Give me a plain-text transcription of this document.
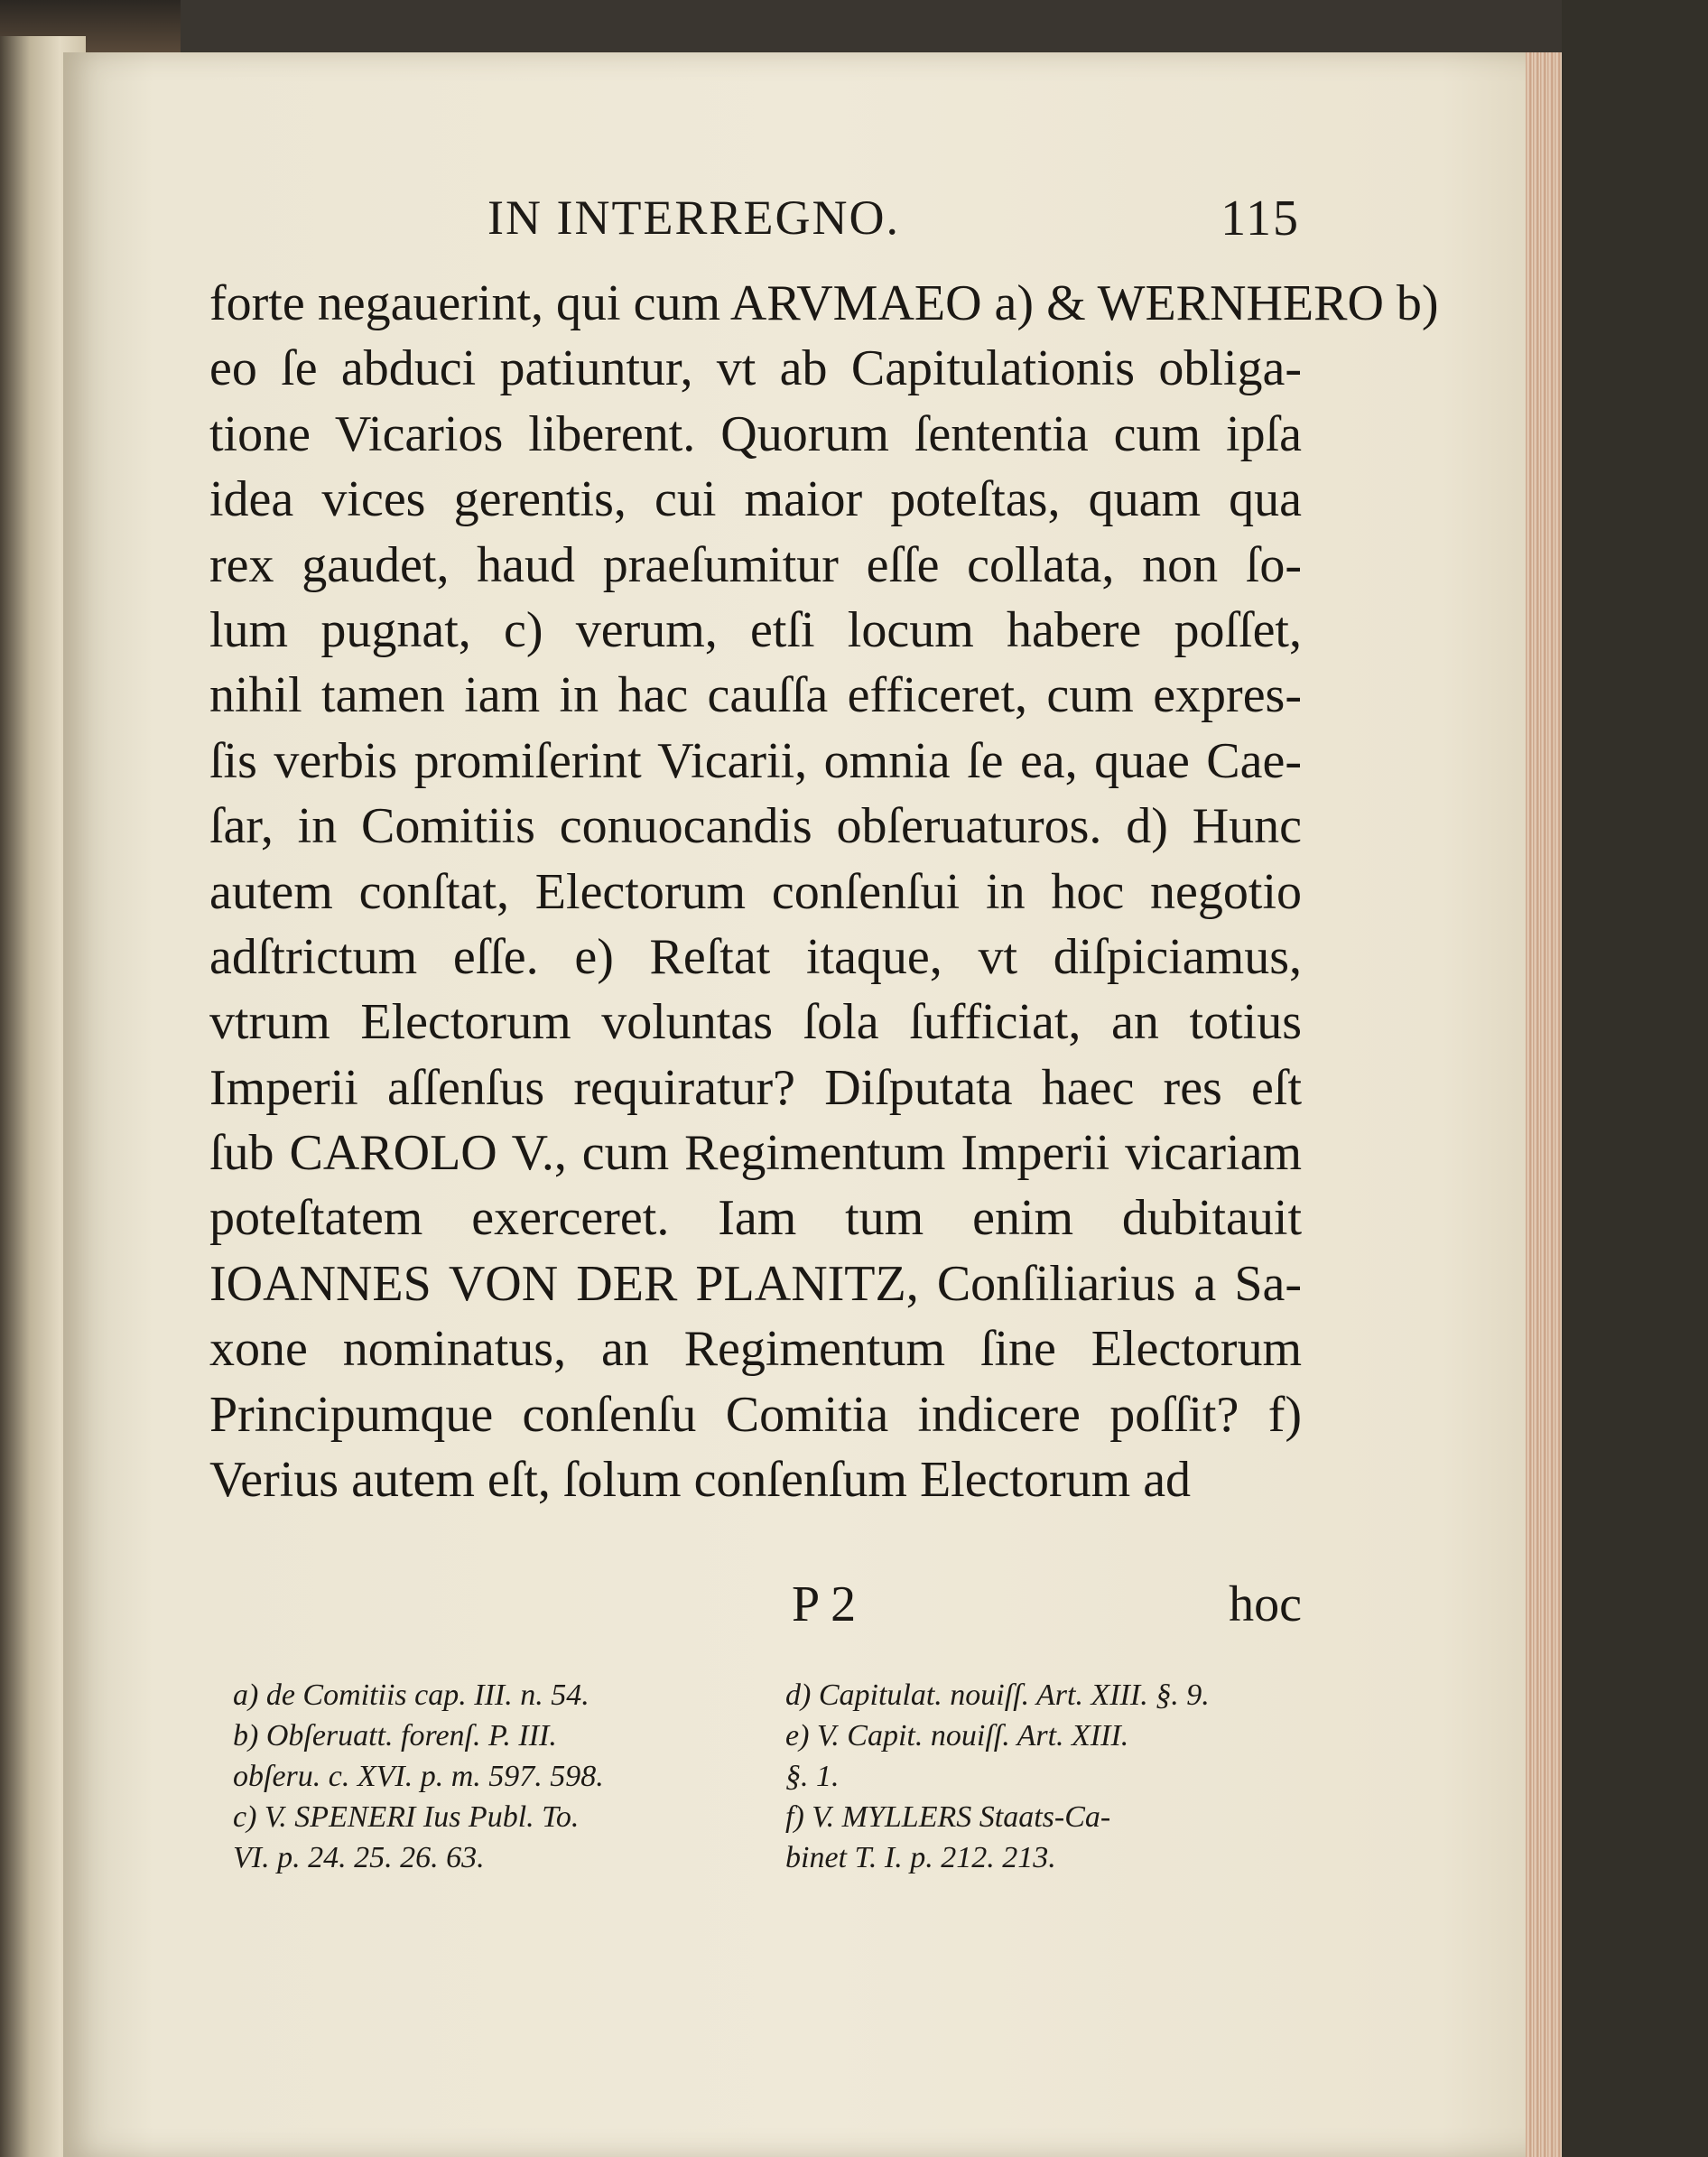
IN INTERREGNO.	115
forte negauerint, qui cum ARVMAEO a) & WERNHERO b)
eo ſe abduci patiuntur, vt ab Capitulationis obliga-
tione Vicarios liberent. Quorum ſententia cum ipſa
idea vices gerentis, cui maior poteſtas, quam qua
rex gaudet, haud praeſumitur eſſe collata, non ſo-
lum pugnat, c) verum, etſi locum habere poſſet,
nihil tamen iam in hac cauſſa efficeret, cum expres-
ſis verbis promiſerint Vicarii, omnia ſe ea, quae Cae-
ſar, in Comitiis conuocandis obſeruaturos. d) Hunc
autem conſtat, Electorum conſenſui in hoc negotio
adſtrictum eſſe. e) Reſtat itaque, vt diſpiciamus,
vtrum Electorum voluntas ſola ſufficiat, an totius
Imperii aſſenſus requiratur? Diſputata haec res eſt
ſub CAROLO V., cum Regimentum Imperii vicariam
poteſtatem exerceret. Iam tum enim dubitauit
IOANNES VON DER PLANITZ, Conſiliarius a Sa-
xone nominatus, an Regimentum ſine Electorum
Principumque conſenſu Comitia indicere poſſit? f)
Verius autem eſt, ſolum conſenſum Electorum ad
P 2	hoc
a) de Comitiis cap. III. n. 54.
b) Obſeruatt. forenſ. P. III.
obſeru. c. XVI. p. m. 597. 598.
c) V. SPENERI Ius Publ. To.
VI. p. 24. 25. 26. 63.
d) Capitulat. nouiſſ. Art. XIII. §. 9.
e) V. Capit. nouiſſ. Art. XIII.
§. 1.
f) V. MYLLERS Staats-Ca-
binet T. I. p. 212. 213.
